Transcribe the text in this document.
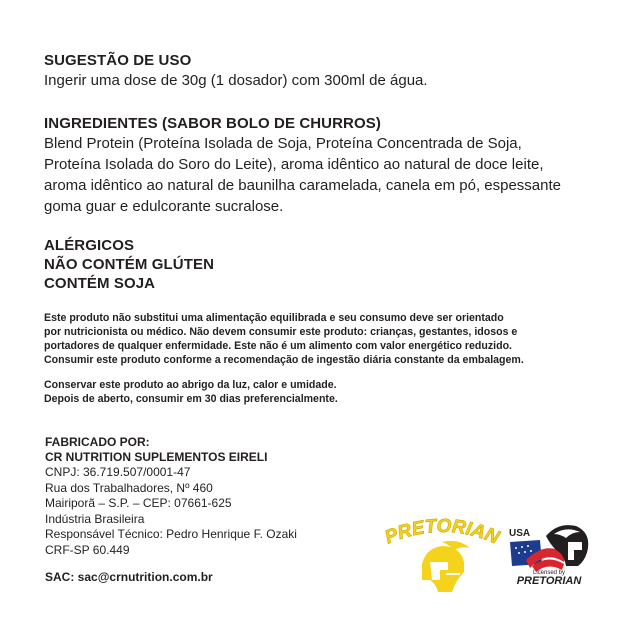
SUGESTÃO DE USO
Ingerir uma dose de 30g (1 dosador) com 300ml de água.
INGREDIENTES (SABOR BOLO DE CHURROS)
Blend Protein (Proteína Isolada de Soja, Proteína Concentrada de Soja,
Proteína Isolada do Soro do Leite), aroma idêntico ao natural de doce leite,
aroma idêntico ao natural de baunilha caramelada, canela em pó, espessante
goma guar e edulcorante sucralose.
ALÉRGICOS
NÃO CONTÉM GLÚTEN
CONTÉM SOJA
Este produto não substitui uma alimentação equilibrada e seu consumo deve ser orientado
por nutricionista ou médico. Não devem consumir este produto: crianças, gestantes, idosos e
portadores de qualquer enfermidade. Este não é um alimento com valor energético reduzido.
Consumir este produto conforme a recomendação de ingestão diária constante da embalagem.
Conservar este produto ao abrigo da luz, calor e umidade.
Depois de aberto, consumir em 30 dias preferencialmente.
FABRICADO POR:
CR NUTRITION SUPLEMENTOS EIRELI
CNPJ: 36.719.507/0001-47
Rua dos Trabalhadores, Nº 460
Mairiporã – S.P. – CEP: 07661-625
Indústria Brasileira
Responsável Técnico: Pedro Henrique F. Ozaki
CRF-SP 60.449
SAC: sac@crnutrition.com.br
PRETORIAN USA
Licensed by
PRETORIAN
